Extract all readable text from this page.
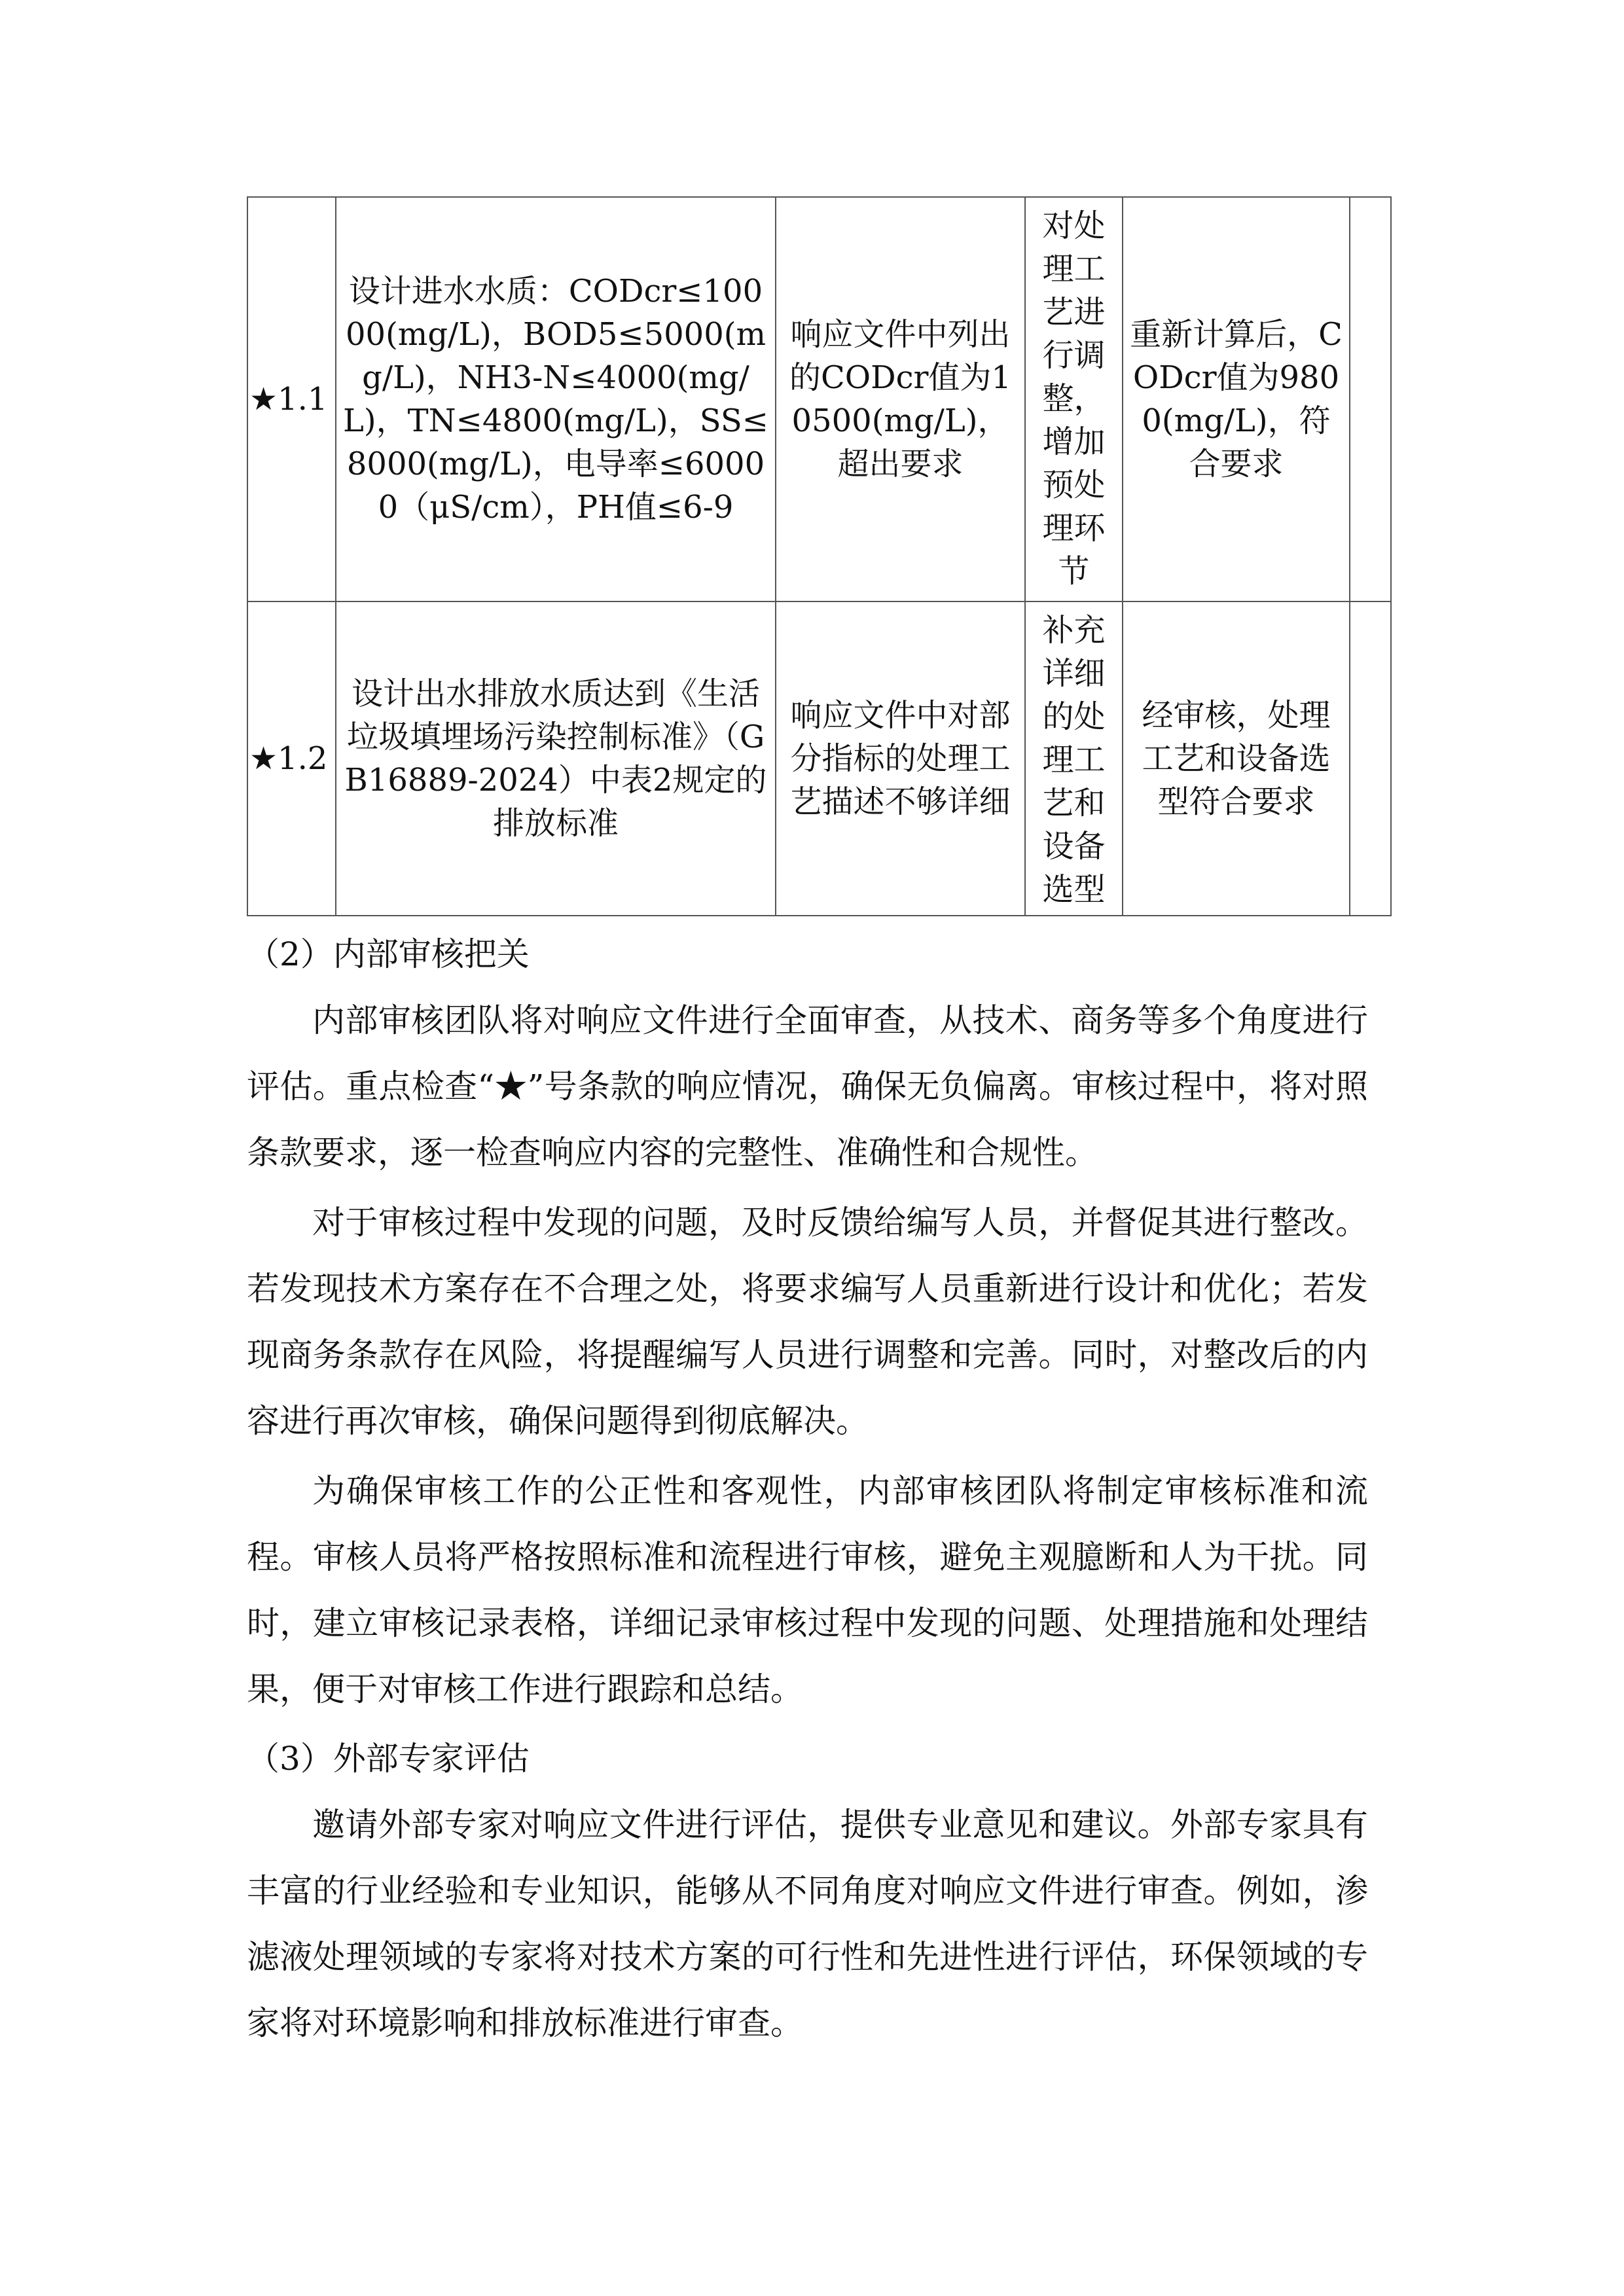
★1.1	设计进水水质：CODcr≤10000(mg/L)，BOD5≤5000(mg/L)，NH3-N≤4000(mg/L)，TN≤4800(mg/L)，SS≤8000(mg/L)，电导率≤60000（μS/cm），PH值≤6-9	响应文件中列出的CODcr值为10500(mg/L)，超出要求	对处理工艺进行调整，增加预处理环节	重新计算后，CODcr值为9800(mg/L)，符合要求	
★1.2	设计出水排放水质达到《生活垃圾填埋场污染控制标准》（GB16889-2024）中表2规定的排放标准	响应文件中对部分指标的处理工艺描述不够详细	补充详细的处理工艺和设备选型	经审核，处理工艺和设备选型符合要求	

（2）内部审核把关

内部审核团队将对响应文件进行全面审查，从技术、商务等多个角度进行评估。重点检查“★”号条款的响应情况，确保无负偏离。审核过程中，将对照条款要求，逐一检查响应内容的完整性、准确性和合规性。

对于审核过程中发现的问题，及时反馈给编写人员，并督促其进行整改。若发现技术方案存在不合理之处，将要求编写人员重新进行设计和优化；若发现商务条款存在风险，将提醒编写人员进行调整和完善。同时，对整改后的内容进行再次审核，确保问题得到彻底解决。

为确保审核工作的公正性和客观性，内部审核团队将制定审核标准和流程。审核人员将严格按照标准和流程进行审核，避免主观臆断和人为干扰。同时，建立审核记录表格，详细记录审核过程中发现的问题、处理措施和处理结果，便于对审核工作进行跟踪和总结。

（3）外部专家评估

邀请外部专家对响应文件进行评估，提供专业意见和建议。外部专家具有丰富的行业经验和专业知识，能够从不同角度对响应文件进行审查。例如，渗滤液处理领域的专家将对技术方案的可行性和先进性进行评估，环保领域的专家将对环境影响和排放标准进行审查。
